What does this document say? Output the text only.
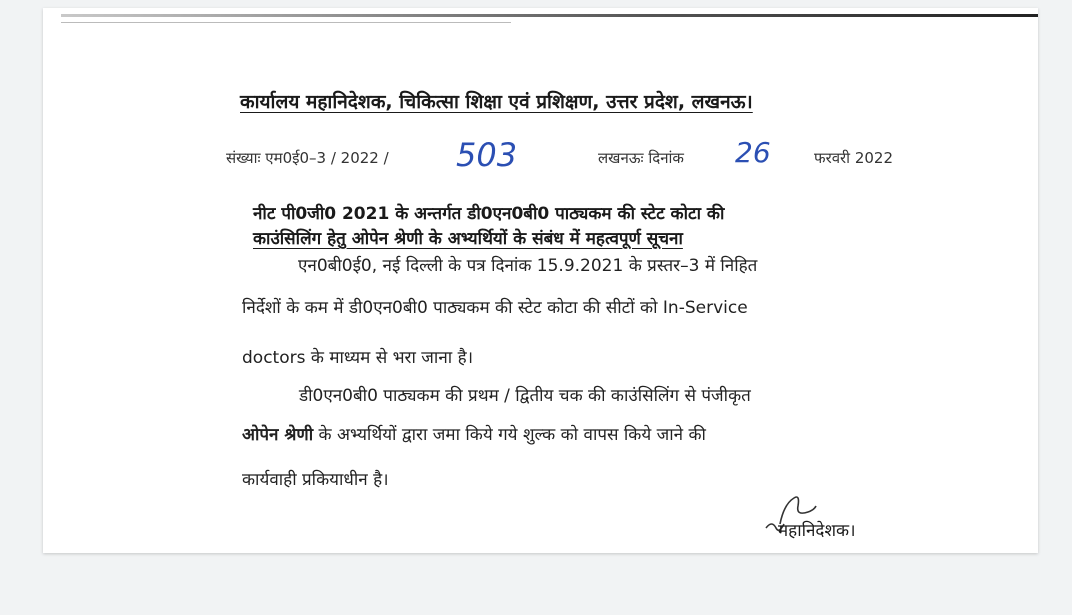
कार्यालय महानिदेशक, चिकित्सा शिक्षा एवं प्रशिक्षण, उत्तर प्रदेश, लखनऊ।
संख्याः एम0ई0–3 / 2022 / 503	लखनऊः दिनांक 26	फरवरी 2022
नीट पी0जी0 2021 के अन्तर्गत डी0एन0बी0 पाठ्यकम की स्टेट कोटा की
काउंसिलिंग हेतु ओपेन श्रेणी के अभ्यर्थियों के संबंध में महत्वपूर्ण सूचना
एन0बी0ई0, नई दिल्ली के पत्र दिनांक 15.9.2021 के प्रस्तर–3 में निहित
निर्देशों के कम में डी0एन0बी0 पाठ्यकम की स्टेट कोटा की सीटों को In-Service
doctors के माध्यम से भरा जाना है।
डी0एन0बी0 पाठ्यकम की प्रथम / द्वितीय चक की काउंसिलिंग से पंजीकृत
ओपेन श्रेणी के अभ्यर्थियों द्वारा जमा किये गये शुल्क को वापस किये जाने की
कार्यवाही प्रकियाधीन है।
महानिदेशक।
